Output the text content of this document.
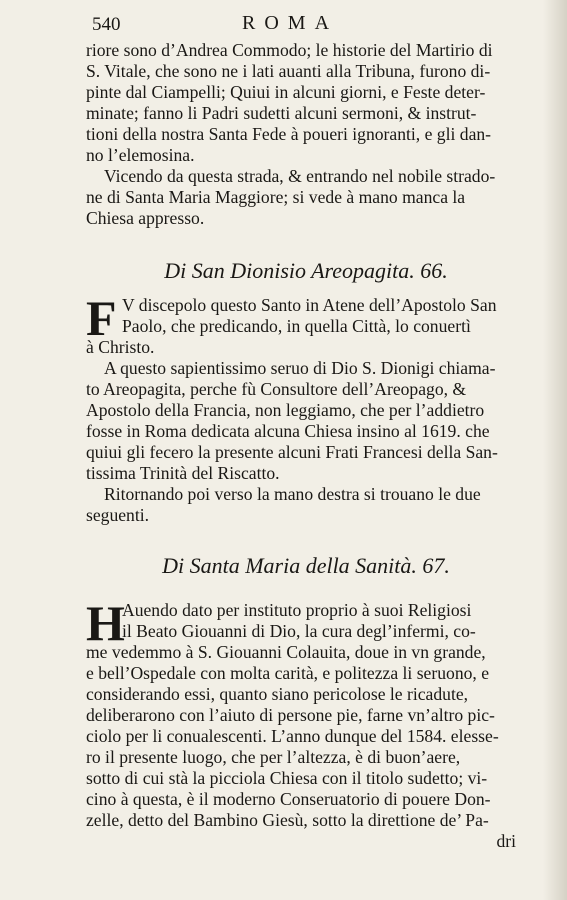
540	ROMA
riore sono d’Andrea Commodo; le historie del Martirio di
S. Vitale, che sono ne i lati auanti alla Tribuna, furono di-
pinte dal Ciampelli; Quiui in alcuni giorni, e Feste deter-
minate; fanno li Padri sudetti alcuni sermoni, & instrut-
tioni della nostra Santa Fede à poueri ignoranti, e gli dan-
no l’elemosina.
Vicendo da questa strada, & entrando nel nobile strado-
ne di Santa Maria Maggiore; si vede à mano manca la
Chiesa appresso.
Di San Dionisio Areopagita. 66.
F V discepolo questo Santo in Atene dell’Apostolo San
Paolo, che predicando, in quella Città, lo conuertì
à Christo.
A questo sapientissimo seruo di Dio S. Dionigi chiama-
to Areopagita, perche fù Consultore dell’Areopago, &
Apostolo della Francia, non leggiamo, che per l’addietro
fosse in Roma dedicata alcuna Chiesa insino al 1619. che
quiui gli fecero la presente alcuni Frati Francesi della San-
tissima Trinità del Riscatto.
Ritornando poi verso la mano destra si trouano le due
seguenti.
Di Santa Maria della Sanità. 67.
H
Auendo dato per instituto proprio à suoi Religiosi
il Beato Giouanni di Dio, la cura degl’infermi, co-
me vedemmo à S. Giouanni Colauita, doue in vn grande,
e bell’Ospedale con molta carità, e politezza li seruono, e
considerando essi, quanto siano pericolose le ricadute,
deliberarono con l’aiuto di persone pie, farne vn’altro pic-
ciolo per li conualescenti. L’anno dunque del 1584. elesse-
ro il presente luogo, che per l’altezza, è di buon’aere,
sotto di cui stà la picciola Chiesa con il titolo sudetto; vi-
cino à questa, è il moderno Conseruatorio di pouere Don-
zelle, detto del Bambino Giesù, sotto la direttione de’ Pa-
dri
